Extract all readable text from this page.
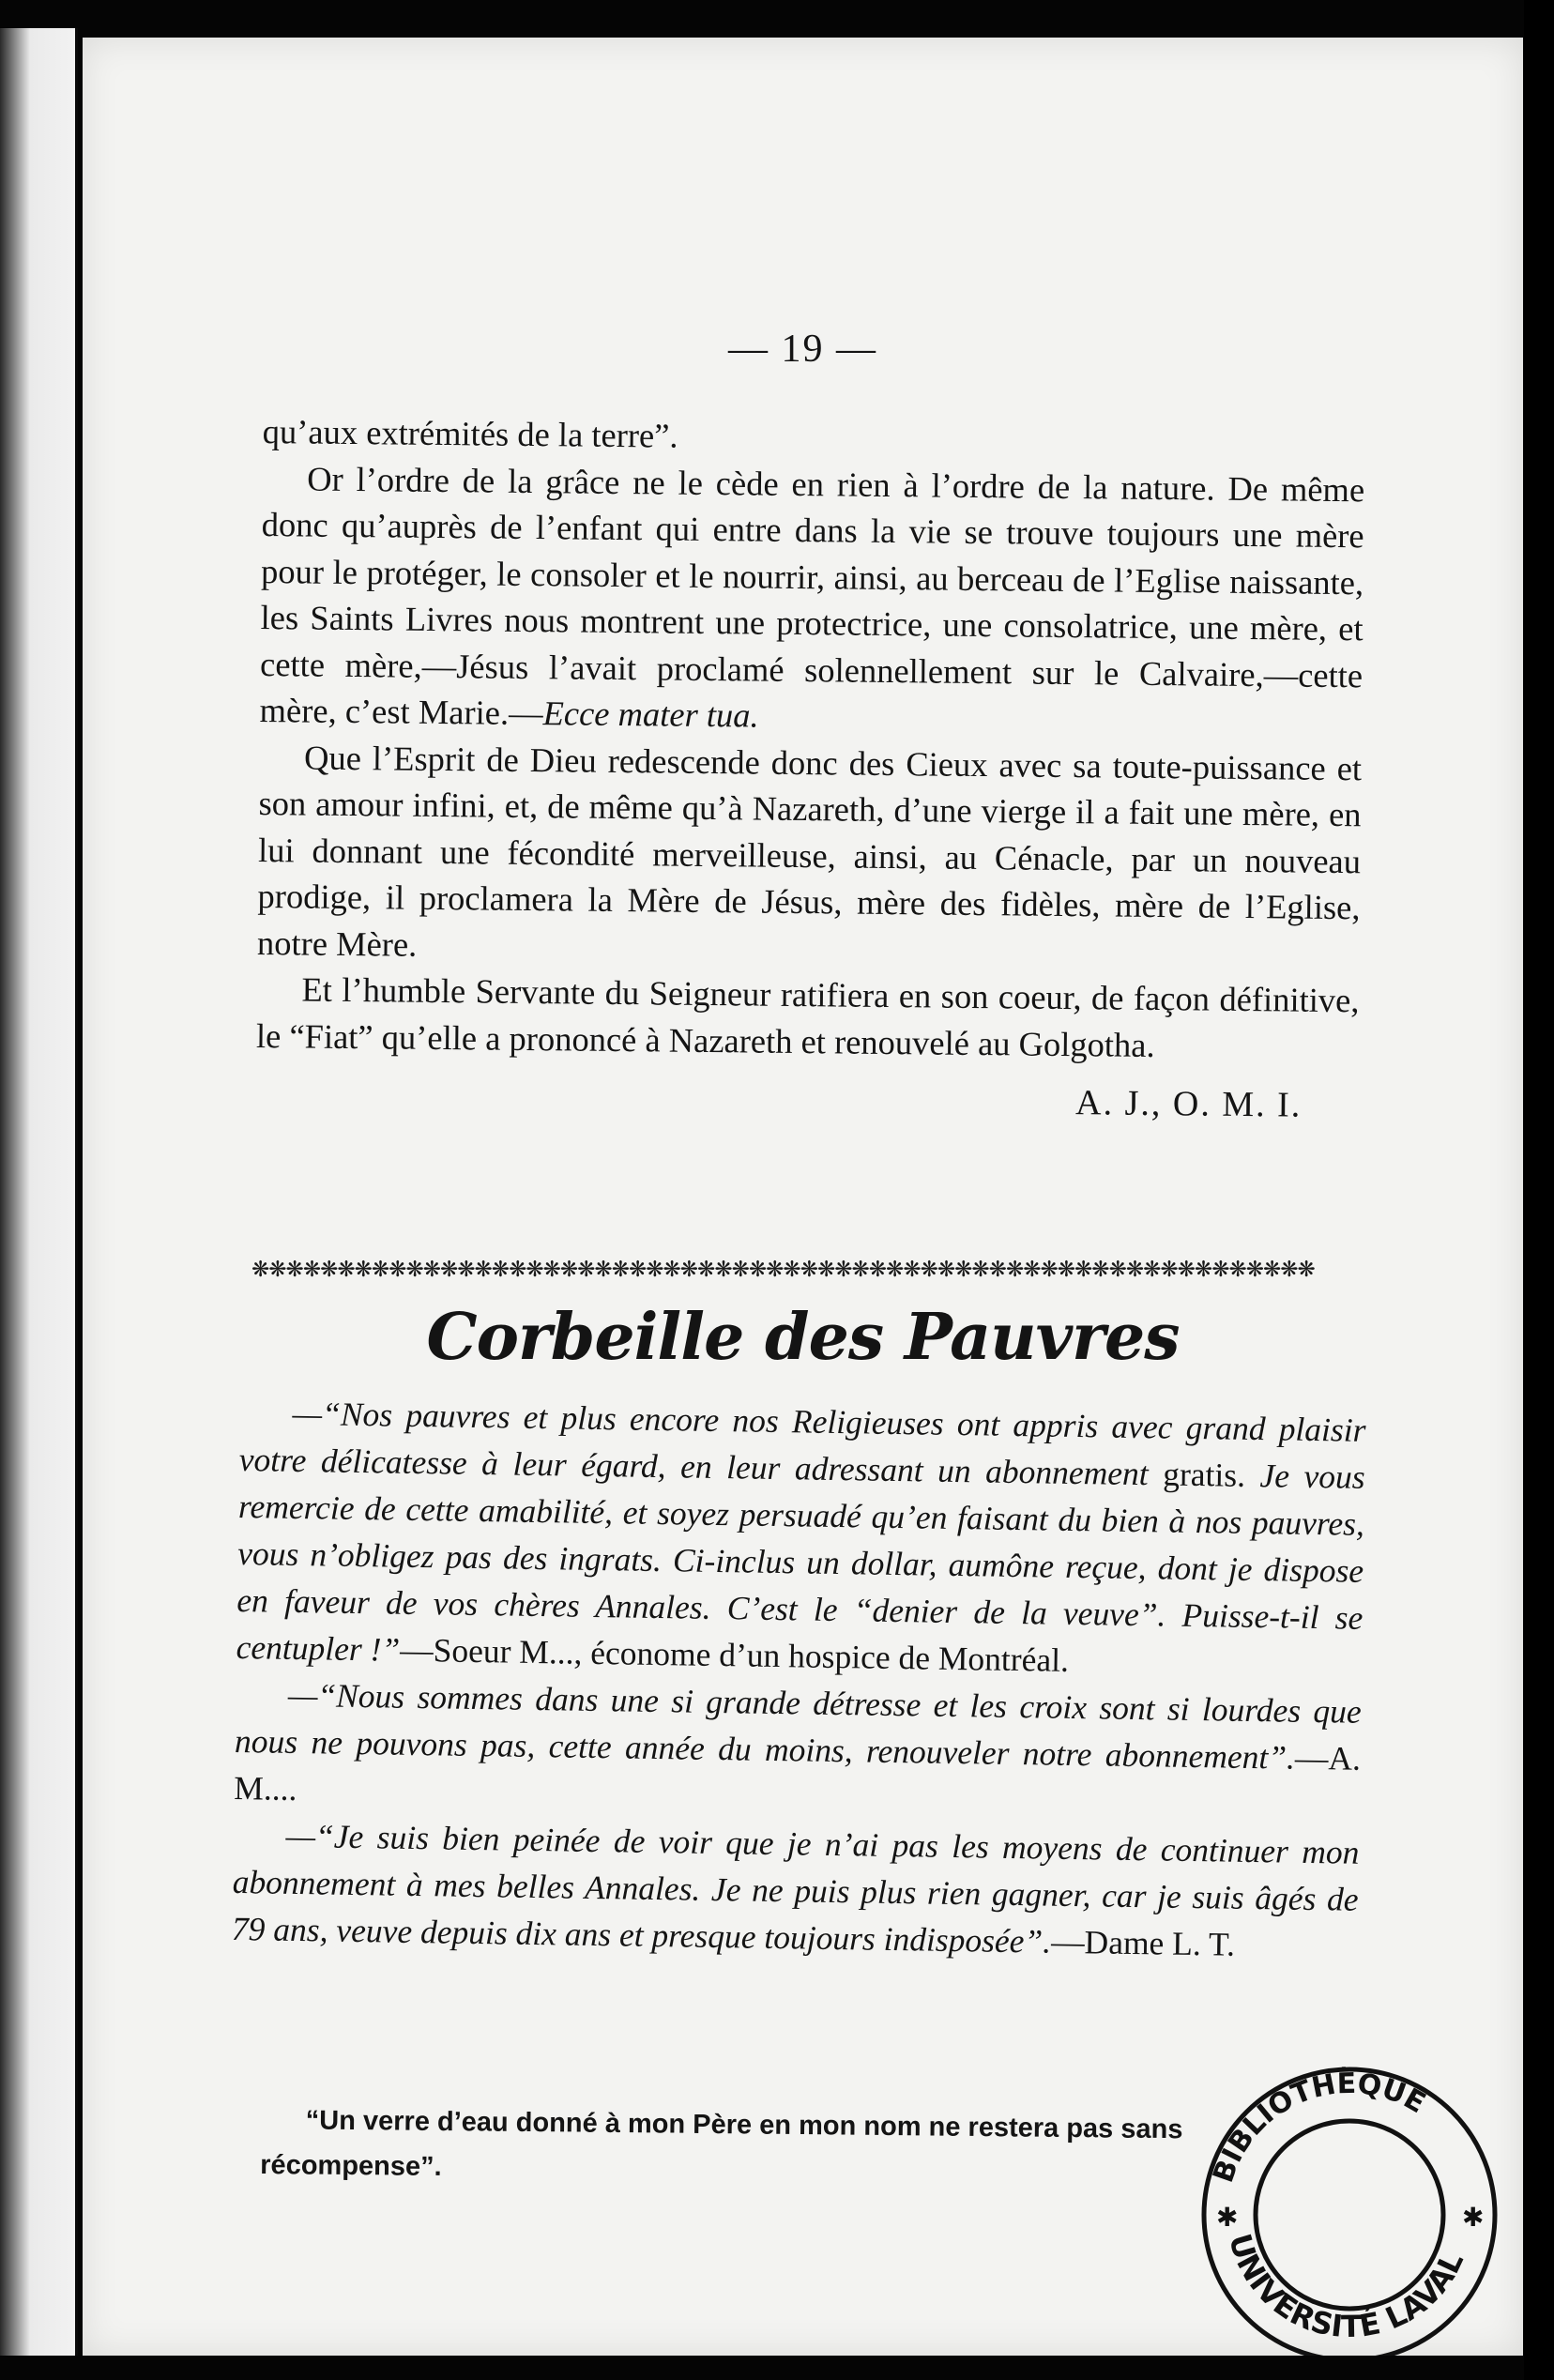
— 19 —

qu’aux extrémités de la terre”.

Or l’ordre de la grâce ne le cède en rien à l’ordre de la nature. De même donc qu’auprès de l’enfant qui entre dans la vie se trouve toujours une mère pour le protéger, le consoler et le nourrir, ainsi, au berceau de l’Eglise naissante, les Saints Livres nous montrent une protectrice, une consolatrice, une mère, et cette mère,—Jésus l’avait proclamé solennellement sur le Calvaire,—cette mère, c’est Marie.—Ecce mater tua.

Que l’Esprit de Dieu redescende donc des Cieux avec sa toute-puissance et son amour infini, et, de même qu’à Nazareth, d’une vierge il a fait une mère, en lui donnant une fécondité merveilleuse, ainsi, au Cénacle, par un nouveau prodige, il proclamera la Mère de Jésus, mère des fidèles, mère de l’Eglise, notre Mère.

Et l’humble Servante du Seigneur ratifiera en son coeur, de façon définitive, le “Fiat” qu’elle a prononcé à Nazareth et renouvelé au Golgotha.

A. J., O. M. I.
❋❋❋❋❋❋❋❋❋❋❋❋❋❋❋❋❋❋❋❋❋❋❋❋❋❋❋❋❋❋❋❋❋❋❋❋❋❋❋❋❋❋❋❋❋❋❋❋❋❋❋❋❋❋❋❋❋❋❋❋❋❋
Corbeille des Pauvres

—“Nos pauvres et plus encore nos Religieuses ont appris avec grand plaisir votre délicatesse à leur égard, en leur adressant un abonnement gratis. Je vous remercie de cette amabilité, et soyez persuadé qu’en faisant du bien à nos pauvres, vous n’obligez pas des ingrats. Ci-inclus un dollar, aumône reçue, dont je dispose en faveur de vos chères Annales. C’est le “denier de la veuve”. Puisse-t-il se centupler !”—Soeur M..., économe d’un hospice de Montréal.

—“Nous sommes dans une si grande détresse et les croix sont si lourdes que nous ne pouvons pas, cette année du moins, renouveler notre abonnement”.—A. M....

—“Je suis bien peinée de voir que je n’ai pas les moyens de continuer mon abonnement à mes belles Annales. Je ne puis plus rien gagner, car je suis âgés de 79 ans, veuve depuis dix ans et presque toujours indisposée”.—Dame L. T.

“Un verre d’eau donné à mon Père en mon nom ne restera pas sans récompense”.	BIBLIOTHÈQUE
UNIVERSITÉ LAVAL
✱	✱
